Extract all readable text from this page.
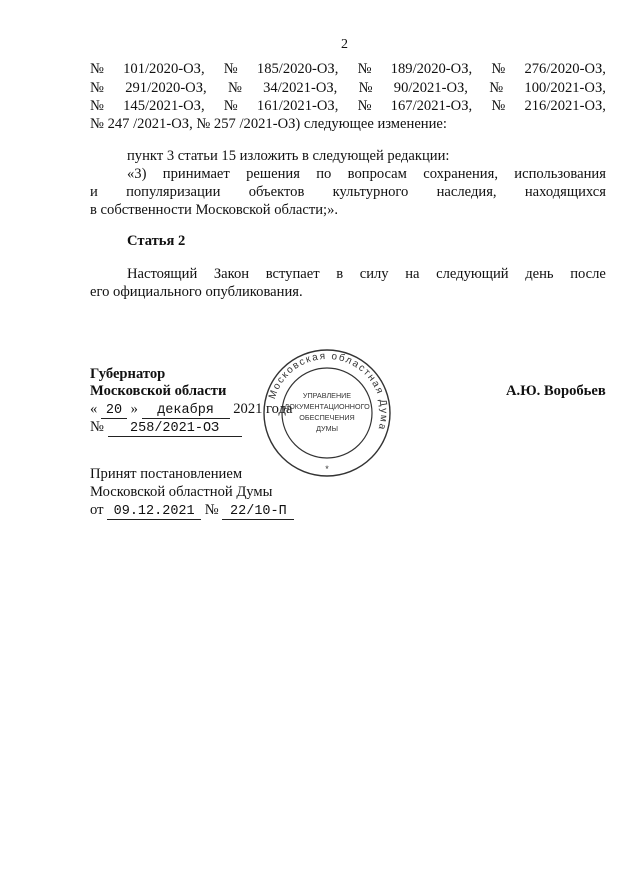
2
№ 101/2020-ОЗ, № 185/2020-ОЗ, № 189/2020-ОЗ, № 276/2020-ОЗ,
№ 291/2020-ОЗ, № 34/2021-ОЗ, № 90/2021-ОЗ, № 100/2021-ОЗ,
№ 145/2021-ОЗ, № 161/2021-ОЗ, № 167/2021-ОЗ, № 216/2021-ОЗ,
№ 247 /2021-ОЗ, № 257 /2021-ОЗ) следующее изменение:
пункт 3 статьи 15 изложить в следующей редакции:
«3) принимает решения по вопросам сохранения, использования
и популяризации объектов культурного наследия, находящихся
в собственности Московской области;».
Статья 2
Настоящий Закон вступает в силу на следующий день после
его официального опубликования.
Московская областная Дума
УПРАВЛЕНИЕ
ДОКУМЕНТАЦИОННОГО
ОБЕСПЕЧЕНИЯ
ДУМЫ
*
Губернатор
Московской области	А.Ю. Воробьев
« 20 » декабря 2021 года
№ 258/2021-ОЗ
Принят постановлением
Московской областной Думы
от 09.12.2021 № 22/10-П
